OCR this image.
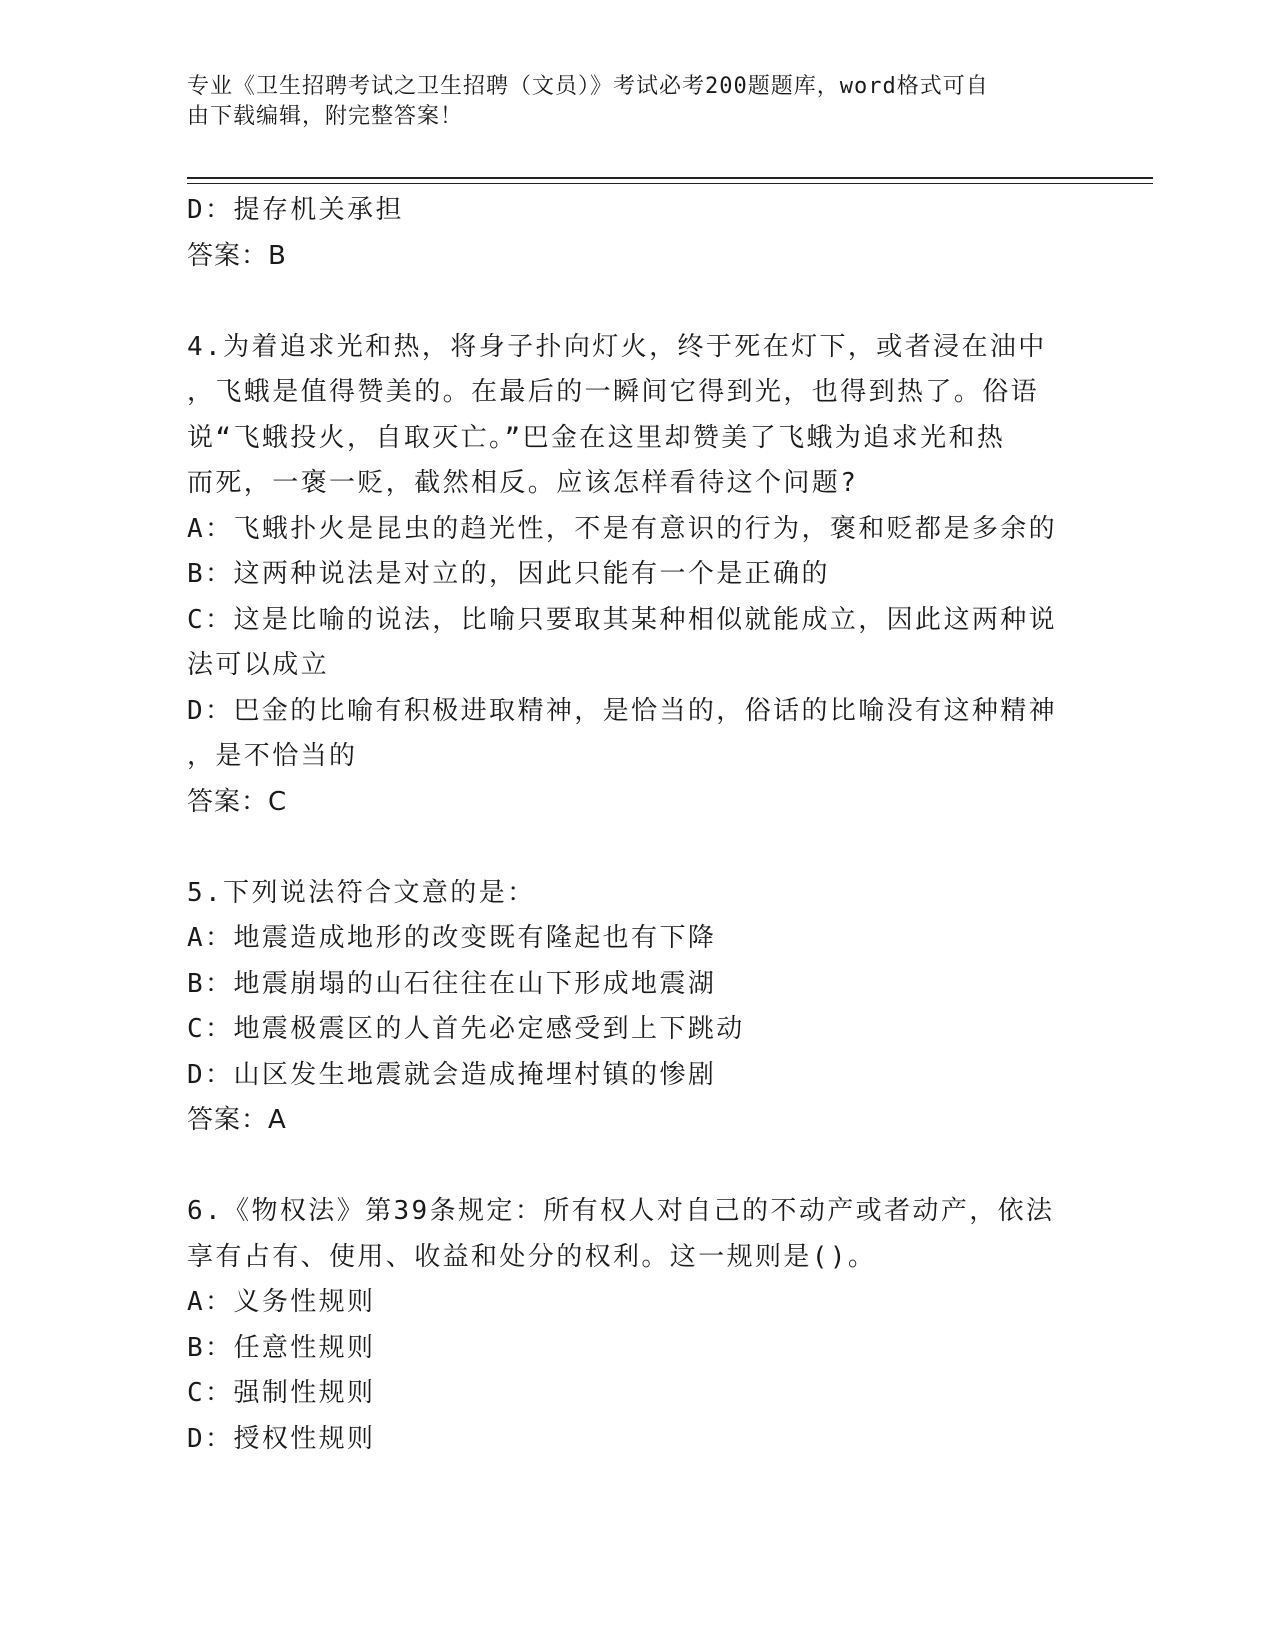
专业《卫生招聘考试之卫生招聘（文员）》考试必考200题题库，word格式可自

由下载编辑，附完整答案！

D：提存机关承担

答案：B

4.为着追求光和热，将身子扑向灯火，终于死在灯下，或者浸在油中

，飞蛾是值得赞美的。在最后的一瞬间它得到光，也得到热了。俗语

说“飞蛾投火，自取灭亡。”巴金在这里却赞美了飞蛾为追求光和热

而死，一褒一贬，截然相反。应该怎样看待这个问题?

A：飞蛾扑火是昆虫的趋光性，不是有意识的行为，褒和贬都是多余的

B：这两种说法是对立的，因此只能有一个是正确的

C：这是比喻的说法，比喻只要取其某种相似就能成立，因此这两种说

法可以成立

D：巴金的比喻有积极进取精神，是恰当的，俗话的比喻没有这种精神

，是不恰当的

答案：C

5.下列说法符合文意的是：

A：地震造成地形的改变既有隆起也有下降

B：地震崩塌的山石往往在山下形成地震湖

C：地震极震区的人首先必定感受到上下跳动

D：山区发生地震就会造成掩埋村镇的惨剧

答案：A

6.《物权法》第39条规定：所有权人对自己的不动产或者动产，依法

享有占有、使用、收益和处分的权利。这一规则是()。

A：义务性规则

B：任意性规则

C：强制性规则

D：授权性规则
